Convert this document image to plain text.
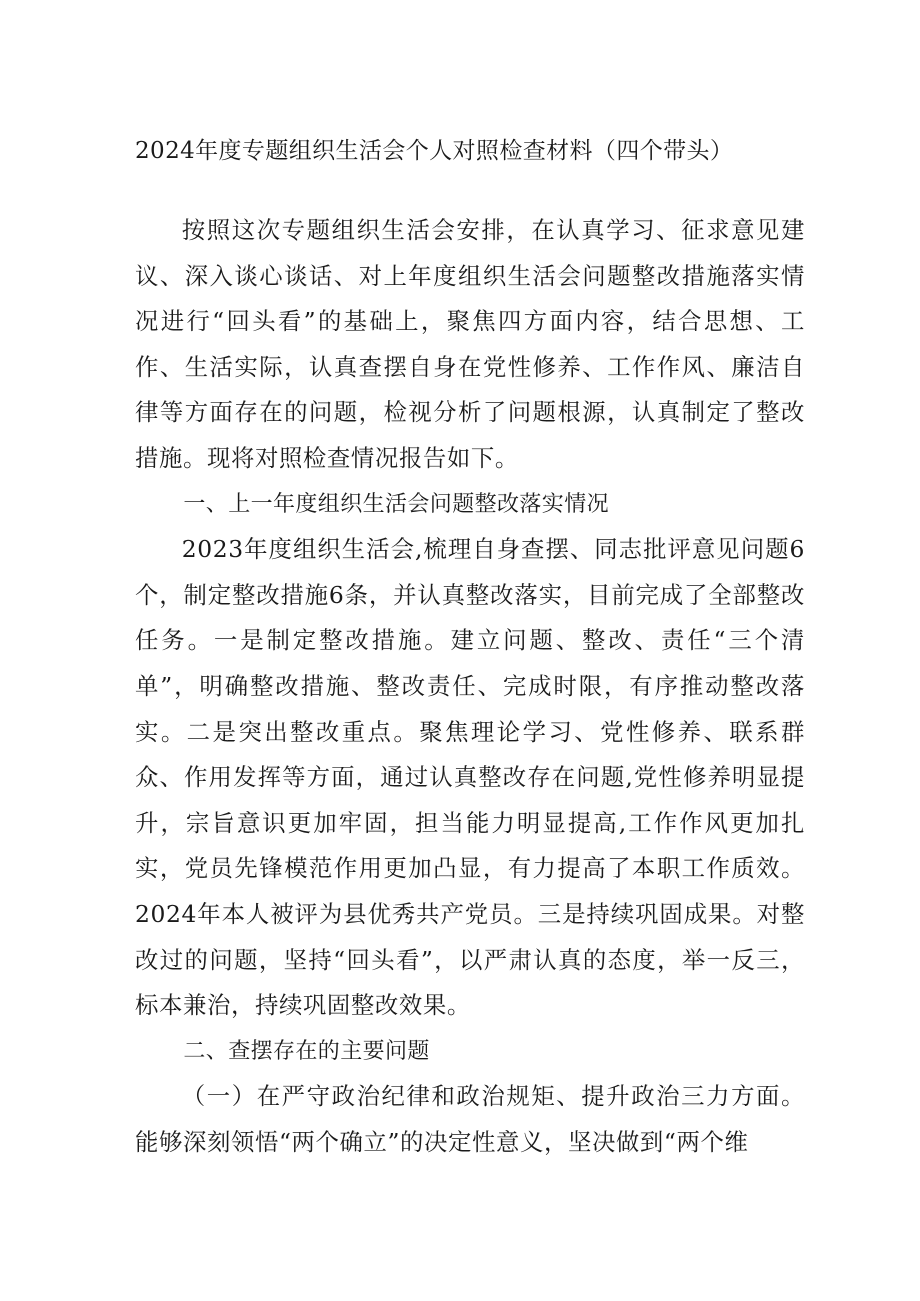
2024年度专题组织生活会个人对照检查材料（四个带头）

按照这次专题组织生活会安排，在认真学习、征求意见建议、深入谈心谈话、对上年度组织生活会问题整改措施落实情况进行“回头看”的基础上，聚焦四方面内容，结合思想、工作、生活实际，认真查摆自身在党性修养、工作作风、廉洁自律等方面存在的问题，检视分析了问题根源，认真制定了整改措施。现将对照检查情况报告如下。

一、上一年度组织生活会问题整改落实情况

2023年度组织生活会,梳理自身查摆、同志批评意见问题6个，制定整改措施6条，并认真整改落实，目前完成了全部整改任务。一是制定整改措施。建立问题、整改、责任“三个清单”，明确整改措施、整改责任、完成时限，有序推动整改落实。二是突出整改重点。聚焦理论学习、党性修养、联系群众、作用发挥等方面，通过认真整改存在问题,党性修养明显提升，宗旨意识更加牢固，担当能力明显提高,工作作风更加扎实，党员先锋模范作用更加凸显，有力提高了本职工作质效。2024年本人被评为县优秀共产党员。三是持续巩固成果。对整改过的问题，坚持“回头看”，以严肃认真的态度，举一反三，标本兼治，持续巩固整改效果。

二、查摆存在的主要问题

（一）在严守政治纪律和政治规矩、提升政治三力方面。能够深刻领悟“两个确立”的决定性意义，坚决做到“两个维
